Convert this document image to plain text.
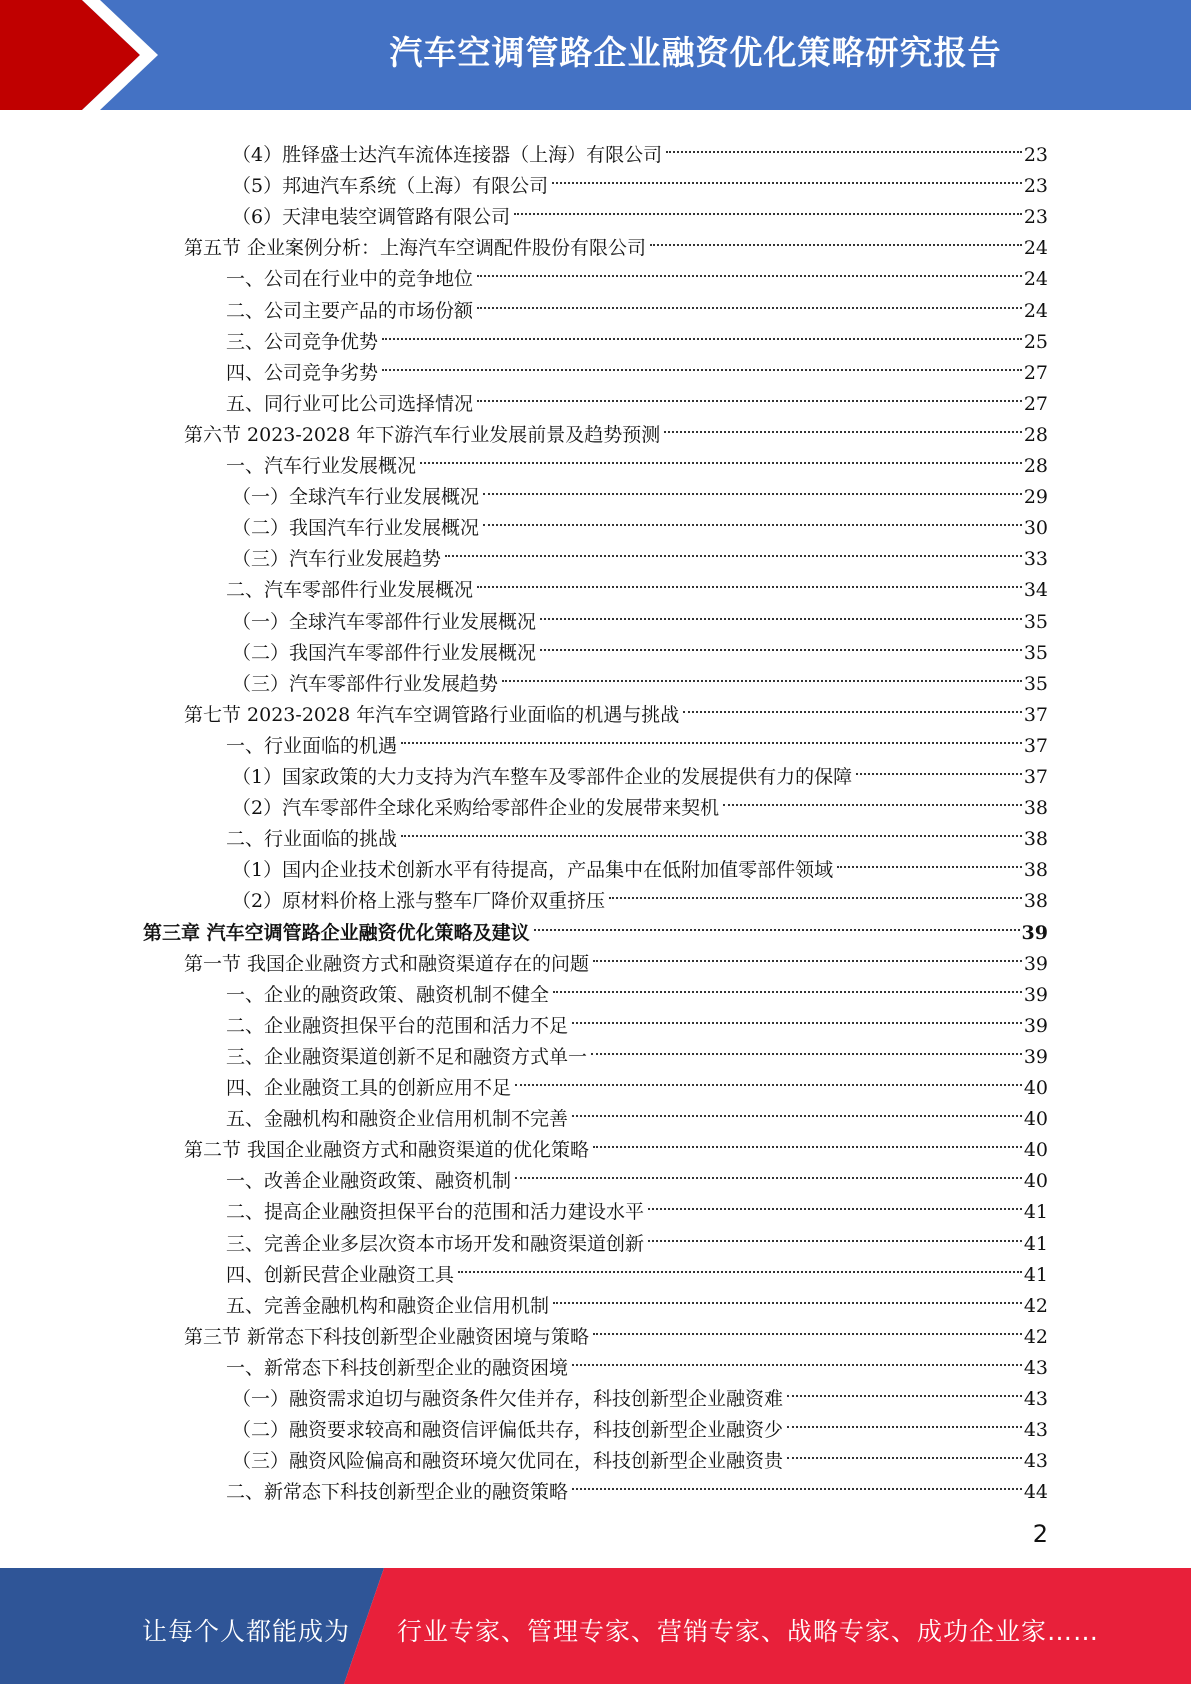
汽车空调管路企业融资优化策略研究报告
（4）胜铎盛士达汽车流体连接器（上海）有限公司	23
（5）邦迪汽车系统（上海）有限公司	23
（6）天津电装空调管路有限公司	23
第五节 企业案例分析：上海汽车空调配件股份有限公司	24
一、公司在行业中的竞争地位	24
二、公司主要产品的市场份额	24
三、公司竞争优势	25
四、公司竞争劣势	27
五、同行业可比公司选择情况	27
第六节 2023-2028 年下游汽车行业发展前景及趋势预测	28
一、汽车行业发展概况	28
（一）全球汽车行业发展概况	29
（二）我国汽车行业发展概况	30
（三）汽车行业发展趋势	33
二、汽车零部件行业发展概况	34
（一）全球汽车零部件行业发展概况	35
（二）我国汽车零部件行业发展概况	35
（三）汽车零部件行业发展趋势	35
第七节 2023-2028 年汽车空调管路行业面临的机遇与挑战	37
一、行业面临的机遇	37
（1）国家政策的大力支持为汽车整车及零部件企业的发展提供有力的保障	37
（2）汽车零部件全球化采购给零部件企业的发展带来契机	38
二、行业面临的挑战	38
（1）国内企业技术创新水平有待提高，产品集中在低附加值零部件领域	38
（2）原材料价格上涨与整车厂降价双重挤压	38
第三章 汽车空调管路企业融资优化策略及建议	39
第一节 我国企业融资方式和融资渠道存在的问题	39
一、企业的融资政策、融资机制不健全	39
二、企业融资担保平台的范围和活力不足	39
三、企业融资渠道创新不足和融资方式单一	39
四、企业融资工具的创新应用不足	40
五、金融机构和融资企业信用机制不完善	40
第二节 我国企业融资方式和融资渠道的优化策略	40
一、改善企业融资政策、融资机制	40
二、提高企业融资担保平台的范围和活力建设水平	41
三、完善企业多层次资本市场开发和融资渠道创新	41
四、创新民营企业融资工具	41
五、完善金融机构和融资企业信用机制	42
第三节 新常态下科技创新型企业融资困境与策略	42
一、新常态下科技创新型企业的融资困境	43
（一）融资需求迫切与融资条件欠佳并存，科技创新型企业融资难	43
（二）融资要求较高和融资信评偏低共存，科技创新型企业融资少	43
（三）融资风险偏高和融资环境欠优同在，科技创新型企业融资贵	43
二、新常态下科技创新型企业的融资策略	44
2
让每个人都能成为 行业专家、管理专家、营销专家、战略专家、成功企业家……
